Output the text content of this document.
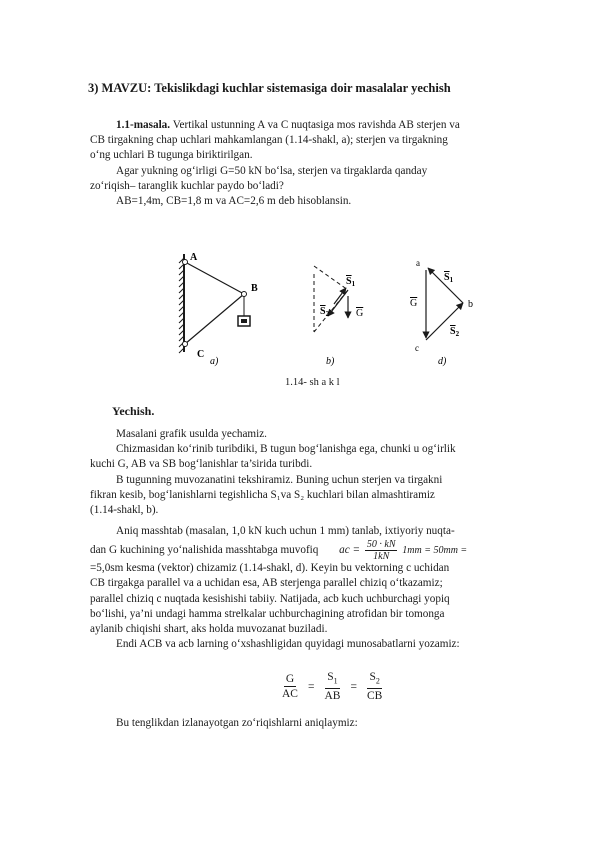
3) MAVZU: Tekislikdagi kuchlar sistemasiga doir masalalar yechish
1.1-masala. Vertikal ustunning A va C nuqtasiga mos ravishda AB sterjen va
CB tirgakning chap uchlari mahkamlangan (1.14-shakl, a); sterjen va tirgakning
o‘ng uchlari B tugunga biriktirilgan.
Agar yukning og‘irligi G=50 kN bo‘lsa, sterjen va tirgaklarda qanday
zo‘riqish– taranglik kuchlar paydo bo‘ladi?
AB=1,4m, CB=1,8 m va AC=2,6 m deb hisoblansin.
A
B
C
a)
$S_1$
$S_2$	G
b)
a
b
c
G
$S_1$
$S_2$
d)
1.14- sh a k l
Yechish.
Masalani grafik usulda yechamiz.
Chizmasidan ko‘rinib turibdiki, B tugun bog‘lanishga ega, chunki u og‘irlik
kuchi G, AB va SB bog‘lanishlar ta’sirida turibdi.
B tugunning muvozanatini tekshiramiz. Buning uchun sterjen va tirgakni
fikran kesib, bog‘lanishlarni tegishlicha S₁va S₂ kuchlari bilan almashtiramiz
(1.14-shakl, b).
Aniq masshtab (masalan, 1,0 kN kuch uchun 1 mm) tanlab, ixtiyoriy nuqta-
dan G kuchining yo‘nalishida masshtabga muvofiq ac = $\frac{50 \cdot kN}{1kN} 1mm = 50mm$ =
=5,0sm kesma (vektor) chizamiz (1.14-shakl, d). Keyin bu vektorning c uchidan
CB tirgakga parallel va a uchidan esa, AB sterjenga parallel chiziq o‘tkazamiz;
parallel chiziq c nuqtada kesishishi tabiiy. Natijada, acb kuch uchburchagi yopiq
bo‘lishi, ya’ni undagi hamma strelkalar uchburchagining atrofidan bir tomonga
aylanib chiqishi shart, aks holda muvozanat buziladi.
Endi ACB va acb larning o‘xshashligidan quyidagi munosabatlarni yozamiz:
$\frac{G}{AC} = \frac{S_1}{AB} = \frac{S_2}{CB}$
Bu tenglikdan izlanayotgan zo‘riqishlarni aniqlaymiz:
